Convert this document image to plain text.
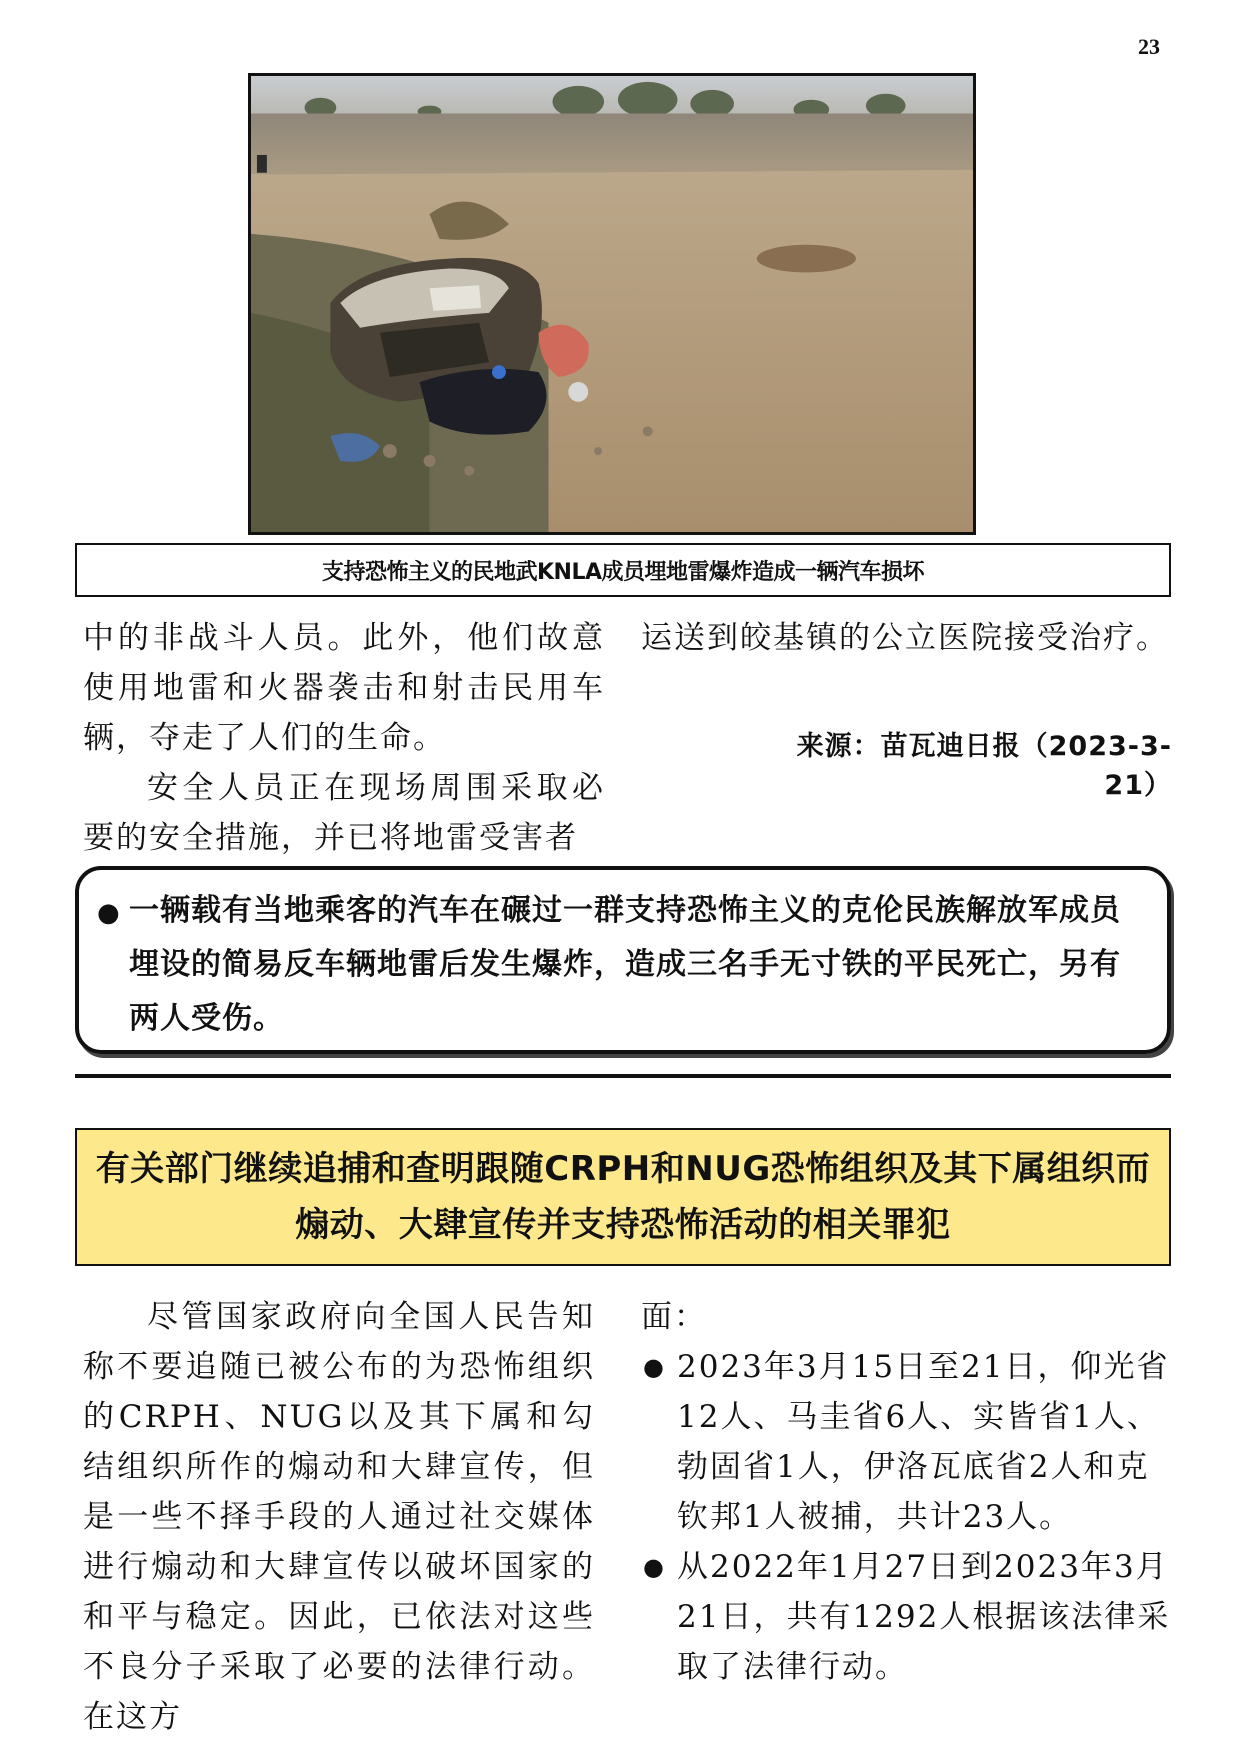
23
支持恐怖主义的民地武KNLA成员埋地雷爆炸造成一辆汽车损坏

中的非战斗人员。此外，他们故意使用地雷和火器袭击和射击民用车辆，夺走了人们的生命。

安全人员正在现场周围采取必要的安全措施，并已将地雷受害者

运送到皎基镇的公立医院接受治疗。

来源：苗瓦迪日报（2023-3-21）
● 一辆载有当地乘客的汽车在碾过一群支持恐怖主义的克伦民族解放军成员埋设的简易反车辆地雷后发生爆炸，造成三名手无寸铁的平民死亡，另有两人受伤。
有关部门继续追捕和查明跟随CRPH和NUG恐怖组织及其下属组织而煽动、大肆宣传并支持恐怖活动的相关罪犯

尽管国家政府向全国人民告知称不要追随已被公布的为恐怖组织的CRPH、NUG以及其下属和勾结组织所作的煽动和大肆宣传，但是一些不择手段的人通过社交媒体进行煽动和大肆宣传以破坏国家的和平与稳定。因此，已依法对这些不良分子采取了必要的法律行动。在这方

面：

● 2023年3月15日至21日，仰光省12人、马圭省6人、实皆省1人、勃固省1人，伊洛瓦底省2人和克钦邦1人被捕，共计23人。
● 从2022年1月27日到2023年3月21日，共有1292人根据该法律采取了法律行动。
